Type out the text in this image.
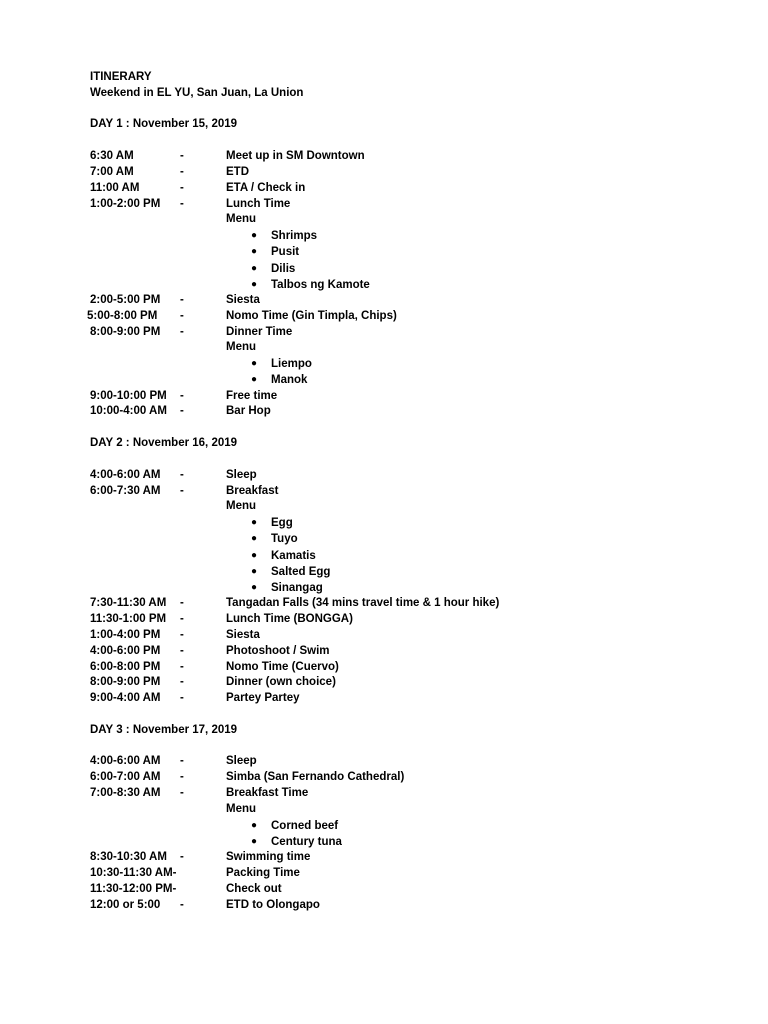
ITINERARY
Weekend in EL YU, San Juan, La Union
DAY 1 : November 15, 2019
6:30 AM	-	Meet up in SM Downtown
7:00 AM	-	ETD
11:00 AM	-	ETA / Check in
1:00-2:00 PM -	Lunch Time
Menu
● Shrimps
● Pusit
● Dilis
● Talbos ng Kamote
2:00-5:00 PM -	Siesta
5:00-8:00 PM -	Nomo Time (Gin Timpla, Chips)
8:00-9:00 PM -	Dinner Time
Menu
● Liempo
● Manok
9:00-10:00 PM -	Free time
10:00-4:00 AM -	Bar Hop
DAY 2 : November 16, 2019
4:00-6:00 AM -	Sleep
6:00-7:30 AM -	Breakfast
Menu
● Egg
● Tuyo
● Kamatis
● Salted Egg
● Sinangag
7:30-11:30 AM -	Tangadan Falls (34 mins travel time & 1 hour hike)
11:30-1:00 PM -	Lunch Time (BONGGA)
1:00-4:00 PM -	Siesta
4:00-6:00 PM -	Photoshoot / Swim
6:00-8:00 PM -	Nomo Time (Cuervo)
8:00-9:00 PM -	Dinner (own choice)
9:00-4:00 AM -	Partey Partey
DAY 3 : November 17, 2019
4:00-6:00 AM -	Sleep
6:00-7:00 AM -	Simba (San Fernando Cathedral)
7:00-8:30 AM -	Breakfast Time
Menu
● Corned beef
● Century tuna
8:30-10:30 AM -	Swimming time
10:30-11:30 AM-	Packing Time
11:30-12:00 PM-	Check out
12:00 or 5:00 -	ETD to Olongapo
